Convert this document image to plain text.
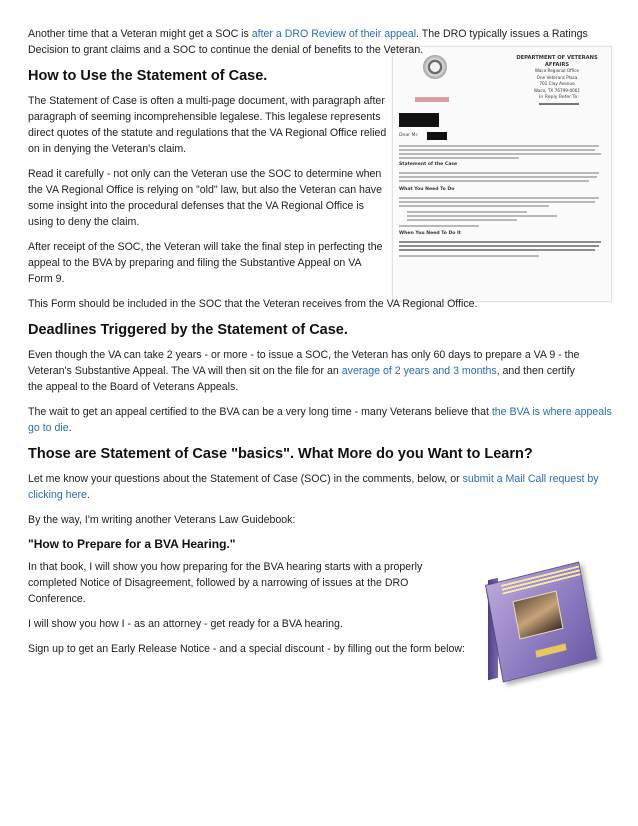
DEPARTMENT OF VETERANS AFFAIRS
Waco Regional Office
One Veterans Plaza
701 Clay Avenue
Waco, TX 76799-0001
In Reply Refer To:
Dear Mr.
Statement of the Case
What You Need To Do
When You Need To Do It

Another time that a Veteran might get a SOC is after a DRO Review of their appeal. The DRO typically issues a Ratings Decision to grant claims and a SOC to continue the denial of benefits to the Veteran.

How to Use the Statement of Case.

The Statement of Case is often a multi-page document, with paragraph after paragraph of seeming incomprehensible legalese. This legalese represents direct quotes of the statute and regulations that the VA Regional Office relied on in denying the Veteran's claim.

Read it carefully - not only can the Veteran use the SOC to determine when the VA Regional Office is relying on "old" law, but also the Veteran can have some insight into the procedural defenses that the VA Regional Office is using to deny the claim.

After receipt of the SOC, the Veteran will take the final step in perfecting the appeal to the BVA by preparing and filing the Substantive Appeal on VA Form 9.

This Form should be included in the SOC that the Veteran receives from the VA Regional Office.

Deadlines Triggered by the Statement of Case.

Even though the VA can take 2 years - or more - to issue a SOC, the Veteran has only 60 days to prepare a VA 9 - the
Veteran's Substantive Appeal. The VA will then sit on the file for an average of 2 years and 3 months, and then certify
the appeal to the Board of Veterans Appeals.

The wait to get an appeal certified to the BVA can be a very long time - many Veterans believe that the BVA is where appeals go to die.

Those are Statement of Case "basics". What More do you Want to Learn?

Let me know your questions about the Statement of Case (SOC) in the comments, below, or submit a Mail Call request by clicking here.

By the way, I'm writing another Veterans Law Guidebook:

"How to Prepare for a BVA Hearing."

In that book, I will show you how preparing for the BVA hearing starts with a properly completed Notice of Disagreement, followed by a narrowing of issues at the DRO Conference.

I will show you how I - as an attorney - get ready for a BVA hearing.

Sign up to get an Early Release Notice - and a special discount - by filling out the form below:
